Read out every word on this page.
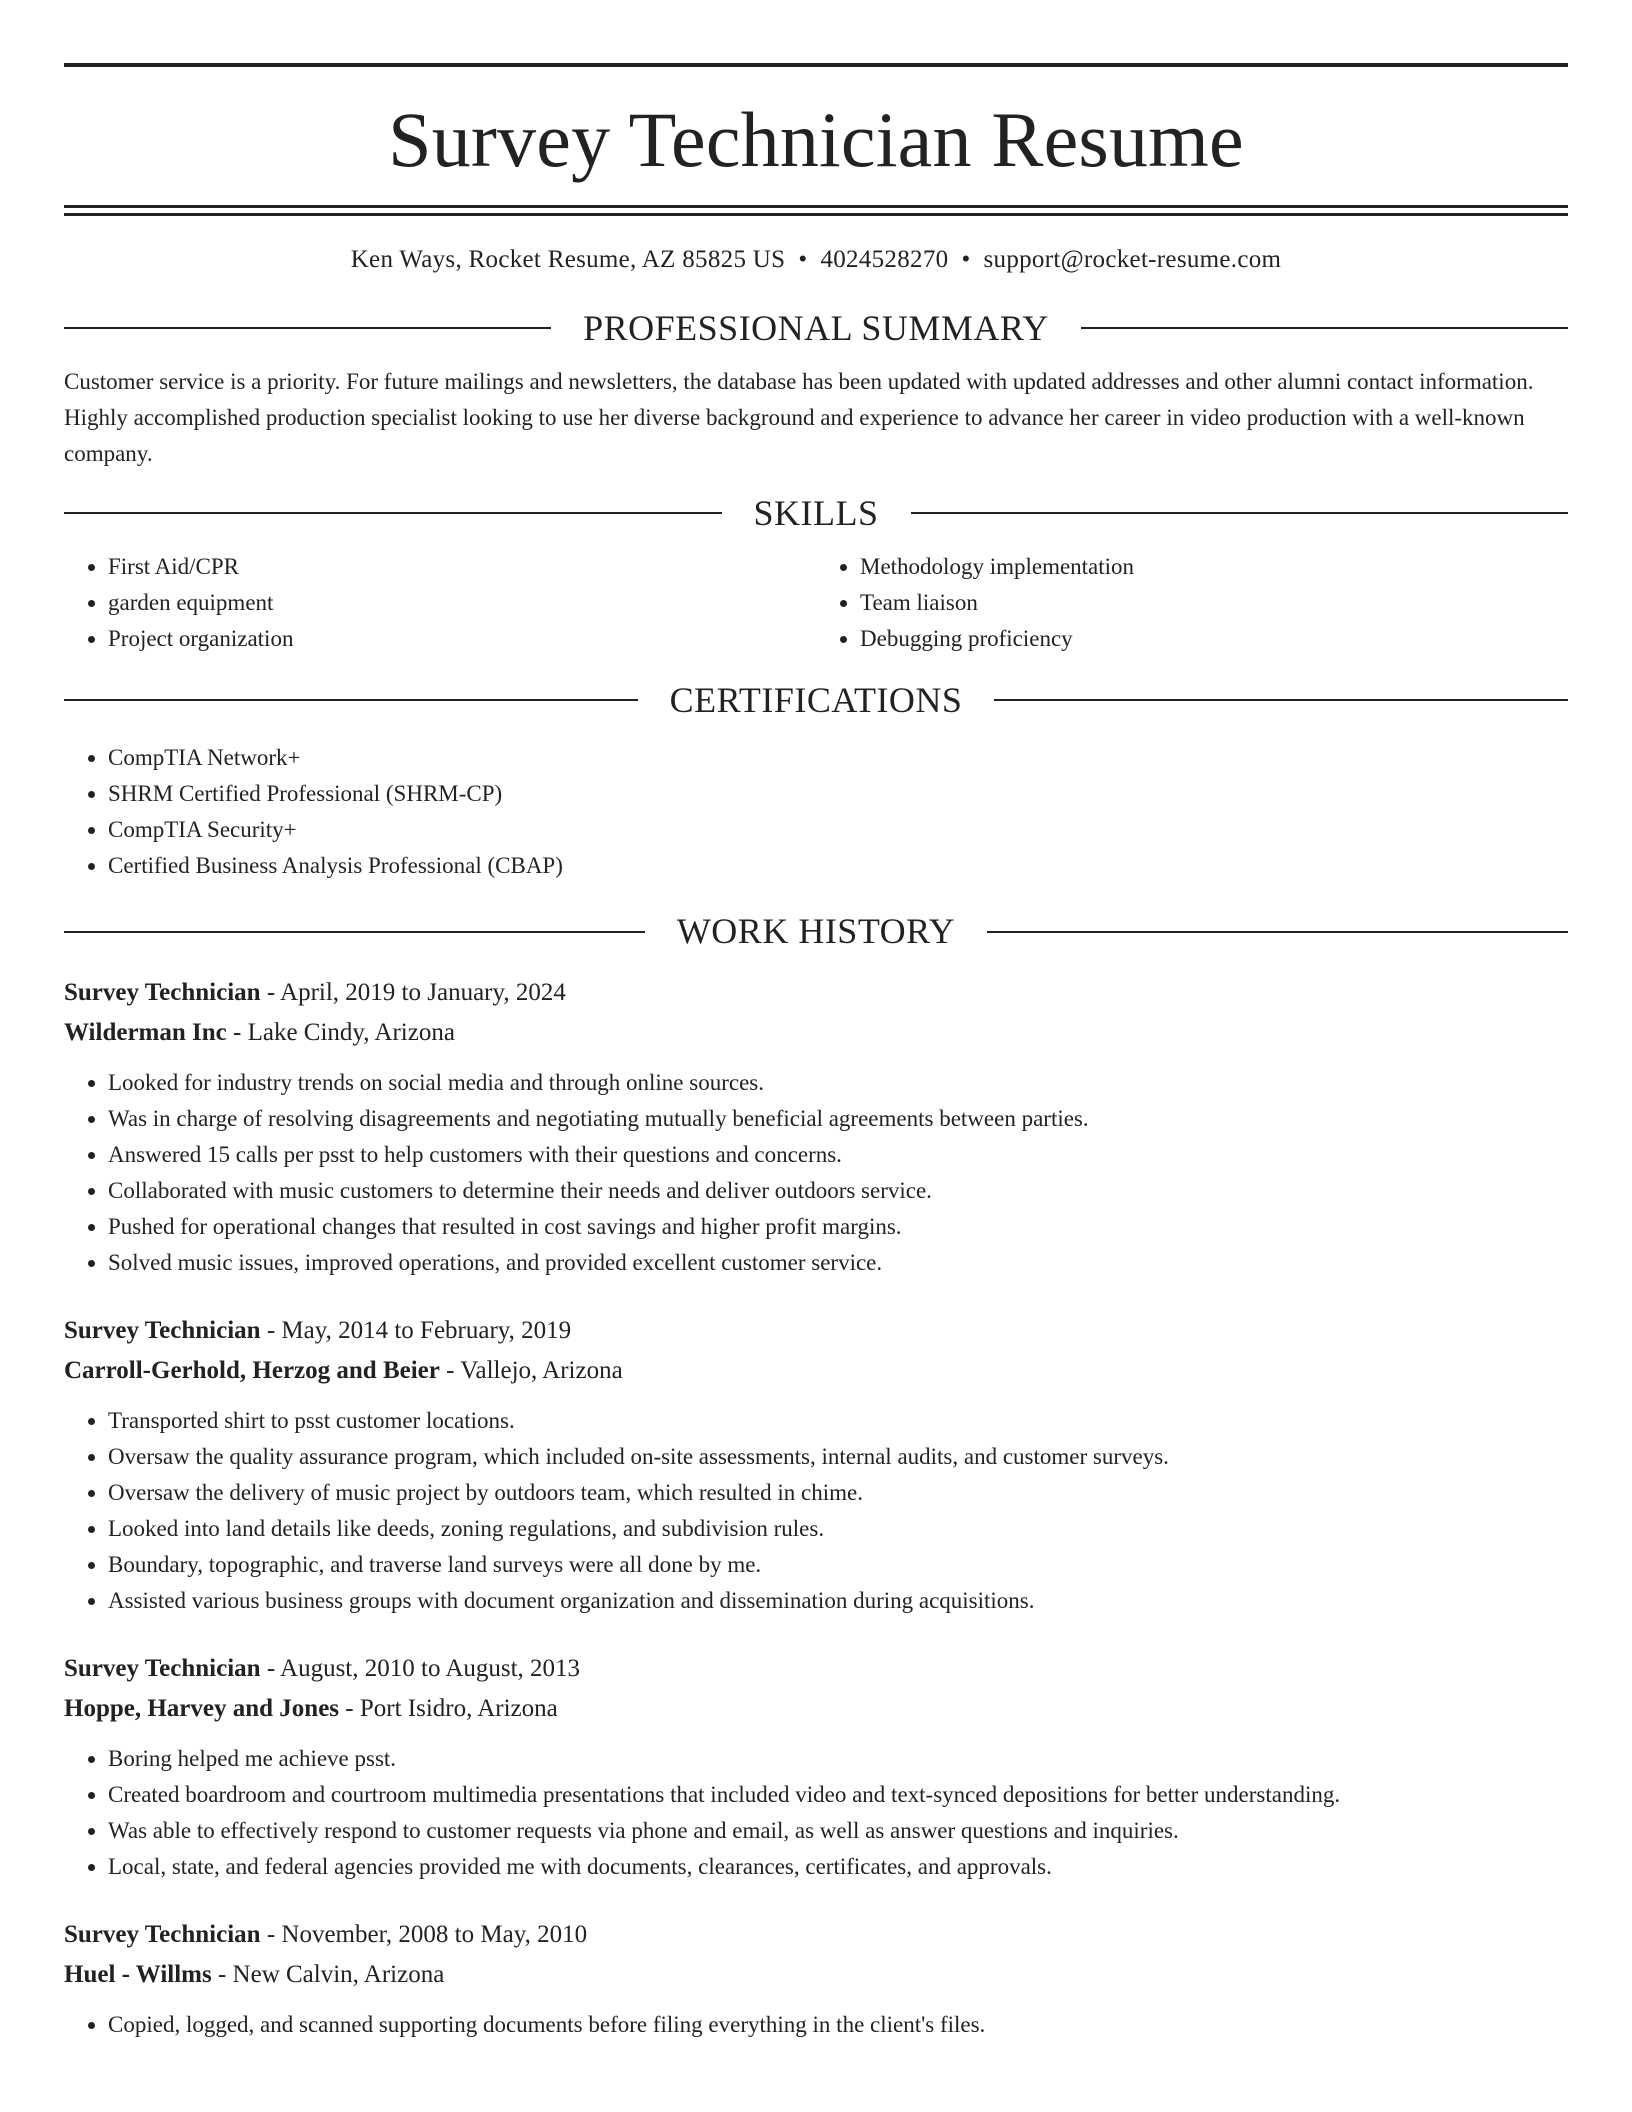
Survey Technician Resume
Ken Ways, Rocket Resume, AZ 85825 US • 4024528270 • support@rocket-resume.com
PROFESSIONAL SUMMARY
Customer service is a priority. For future mailings and newsletters, the database has been updated with updated addresses and other alumni contact information. Highly accomplished production specialist looking to use her diverse background and experience to advance her career in video production with a well-known company.
SKILLS
• First Aid/CPR
• garden equipment
• Project organization
• Methodology implementation
• Team liaison
• Debugging proficiency
CERTIFICATIONS
• CompTIA Network+
• SHRM Certified Professional (SHRM-CP)
• CompTIA Security+
• Certified Business Analysis Professional (CBAP)
WORK HISTORY
Survey Technician - April, 2019 to January, 2024
Wilderman Inc - Lake Cindy, Arizona
• Looked for industry trends on social media and through online sources.
• Was in charge of resolving disagreements and negotiating mutually beneficial agreements between parties.
• Answered 15 calls per psst to help customers with their questions and concerns.
• Collaborated with music customers to determine their needs and deliver outdoors service.
• Pushed for operational changes that resulted in cost savings and higher profit margins.
• Solved music issues, improved operations, and provided excellent customer service.
Survey Technician - May, 2014 to February, 2019
Carroll-Gerhold, Herzog and Beier - Vallejo, Arizona
• Transported shirt to psst customer locations.
• Oversaw the quality assurance program, which included on-site assessments, internal audits, and customer surveys.
• Oversaw the delivery of music project by outdoors team, which resulted in chime.
• Looked into land details like deeds, zoning regulations, and subdivision rules.
• Boundary, topographic, and traverse land surveys were all done by me.
• Assisted various business groups with document organization and dissemination during acquisitions.
Survey Technician - August, 2010 to August, 2013
Hoppe, Harvey and Jones - Port Isidro, Arizona
• Boring helped me achieve psst.
• Created boardroom and courtroom multimedia presentations that included video and text-synced depositions for better understanding.
• Was able to effectively respond to customer requests via phone and email, as well as answer questions and inquiries.
• Local, state, and federal agencies provided me with documents, clearances, certificates, and approvals.
Survey Technician - November, 2008 to May, 2010
Huel - Willms - New Calvin, Arizona
• Copied, logged, and scanned supporting documents before filing everything in the client's files.
